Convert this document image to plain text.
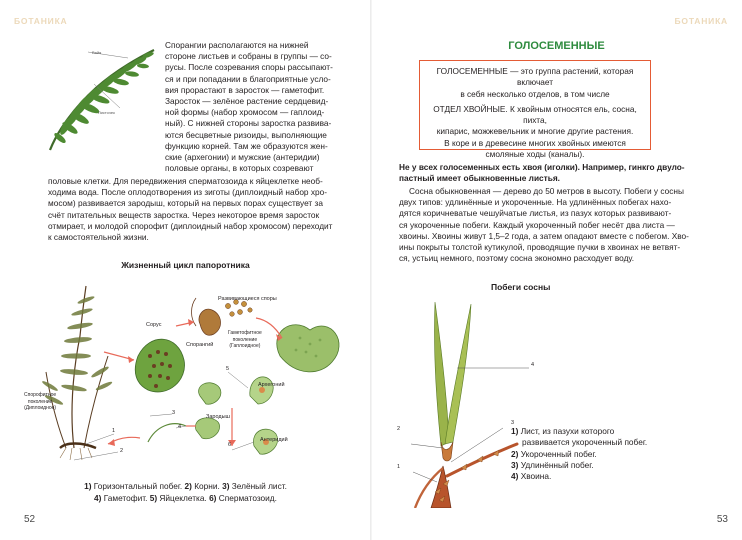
БОТАНИКА
Вайя
Листочек
Спорангии располагаются на нижней
стороне листьев и собраны в группы — со-
русы. После созревания споры рассыпают-
ся и при попадании в благоприятные усло-
вия прорастают в заросток — гаметофит.
Заросток — зелёное растение сердцевид-
ной формы (набор хромосом — гаплоид-
ный). С нижней стороны заростка развива-
ются бесцветные ризоиды, выполняющие
функцию корней. Там же образуются жен-
ские (архегонии) и мужские (антеридии)
половые органы, в которых созревают
половые клетки. Для передвижения сперматозоида к яйцеклетке необ-
ходима вода. После оплодотворения из зиготы (диплоидный набор хро-
мосом) развивается зародыш, который на первых порах существует за
счёт питательных веществ заростка. Через некоторое время заросток
отмирает, и молодой спорофит (диплоидный набор хромосом) переходит
к самостоятельной жизни.
Жизненный цикл папоротника
Сорус
Спорангий
Развивающиеся споры
Гаметофитное
поколение
(Гаплоидное)
Спорофитное
поколение
(Диплоидное)
Архегоний
Антеридий
Зародыш
1
2
3
4
5
6
1) Горизонтальный побег. 2) Корни. 3) Зелёный лист.
4) Гаметофит. 5) Яйцеклетка. 6) Сперматозоид.
52
БОТАНИКА
ГОЛОСЕМЕННЫЕ

ГОЛОСЕМЕННЫЕ — это группа растений, которая включает
в себя несколько отделов, в том числе

ОТДЕЛ ХВОЙНЫЕ. К хвойным относятся ель, сосна, пихта,
кипарис, можжевельник и многие другие растения.
В коре и в древесине многих хвойных имеются
смоляные ходы (каналы).

Не у всех голосеменных есть хвоя (иголки). Например, гинкго двуло-
пастный имеет обыкновенные листья.
Сосна обыкновенная — дерево до 50 метров в высоту. Побеги у сосны
двух типов: удлинённые и укороченные. На удлинённых побегах нахо-
дятся коричневатые чешуйчатые листья, из пазух которых развивают-
ся укороченные побеги. Каждый укороченный побег несёт два листа —
хвоины. Хвоины живут 1,5–2 года, а затем опадают вместе с побегом. Хво-
ины покрыты толстой кутикулой, проводящие пучки в хвоинах не ветвят-
ся, устьиц немного, поэтому сосна экономно расходует воду.
Побеги сосны
1
2
3
4
1) Лист, из пазухи которого
развивается укороченный побег.
2) Укороченный побег.
3) Удлинённый побег.
4) Хвоина.
53
